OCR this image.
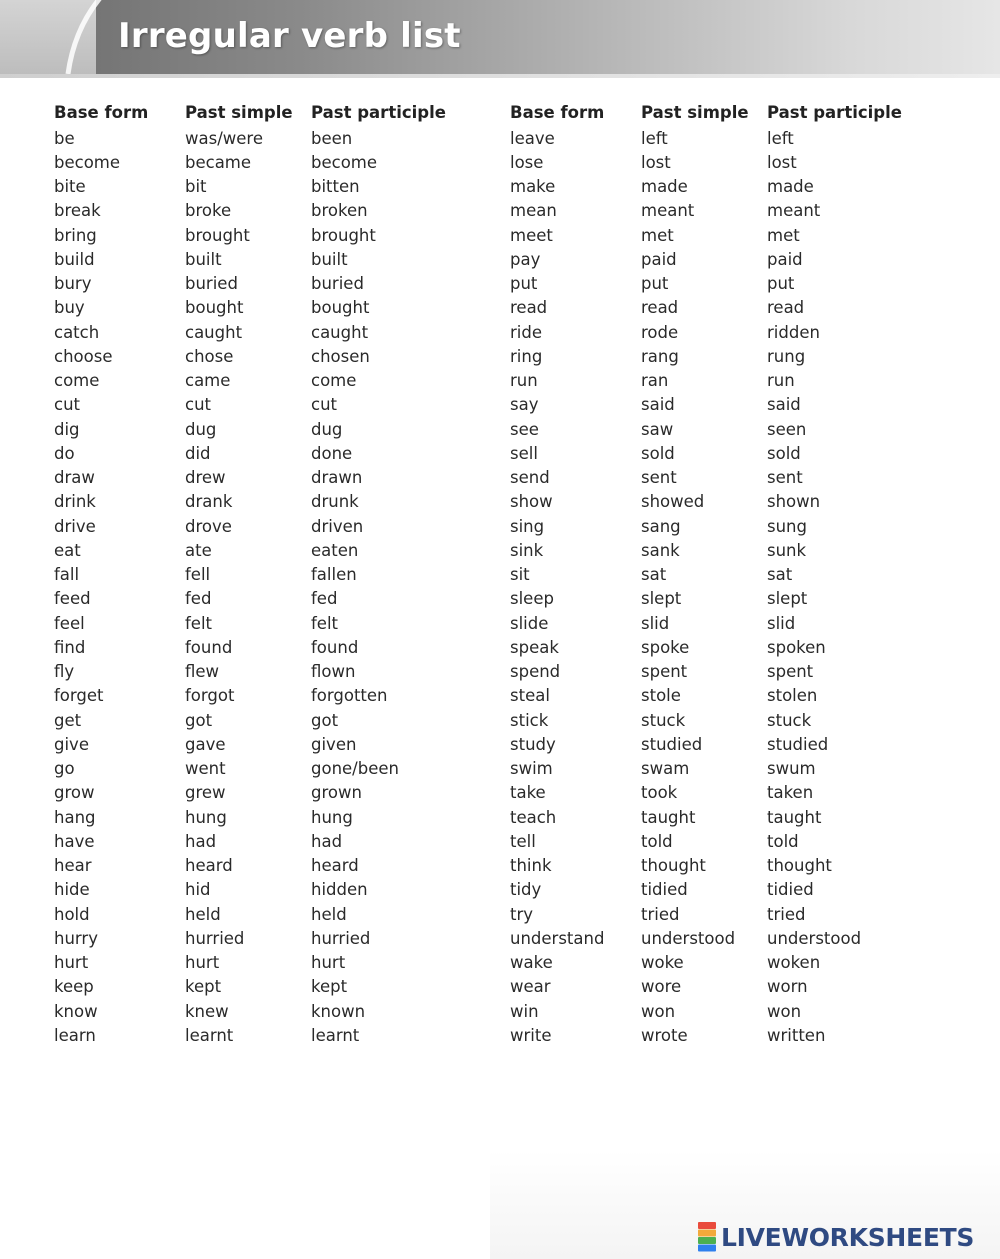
Irregular verb list
Base form	Past simple	Past participle
be	was/were	been
become	became	become
bite	bit	bitten
break	broke	broken
bring	brought	brought
build	built	built
bury	buried	buried
buy	bought	bought
catch	caught	caught
choose	chose	chosen
come	came	come
cut	cut	cut
dig	dug	dug
do	did	done
draw	drew	drawn
drink	drank	drunk
drive	drove	driven
eat	ate	eaten
fall	fell	fallen
feed	fed	fed
feel	felt	felt
find	found	found
fly	flew	flown
forget	forgot	forgotten
get	got	got
give	gave	given
go	went	gone/been
grow	grew	grown
hang	hung	hung
have	had	had
hear	heard	heard
hide	hid	hidden
hold	held	held
hurry	hurried	hurried
hurt	hurt	hurt
keep	kept	kept
know	knew	known
learn	learnt	learnt
Base form	Past simple	Past participle
leave	left	left
lose	lost	lost
make	made	made
mean	meant	meant
meet	met	met
pay	paid	paid
put	put	put
read	read	read
ride	rode	ridden
ring	rang	rung
run	ran	run
say	said	said
see	saw	seen
sell	sold	sold
send	sent	sent
show	showed	shown
sing	sang	sung
sink	sank	sunk
sit	sat	sat
sleep	slept	slept
slide	slid	slid
speak	spoke	spoken
spend	spent	spent
steal	stole	stolen
stick	stuck	stuck
study	studied	studied
swim	swam	swum
take	took	taken
teach	taught	taught
tell	told	told
think	thought	thought
tidy	tidied	tidied
try	tried	tried
understand	understood	understood
wake	woke	woken
wear	wore	worn
win	won	won
write	wrote	written
LIVEWORKSHEETS
